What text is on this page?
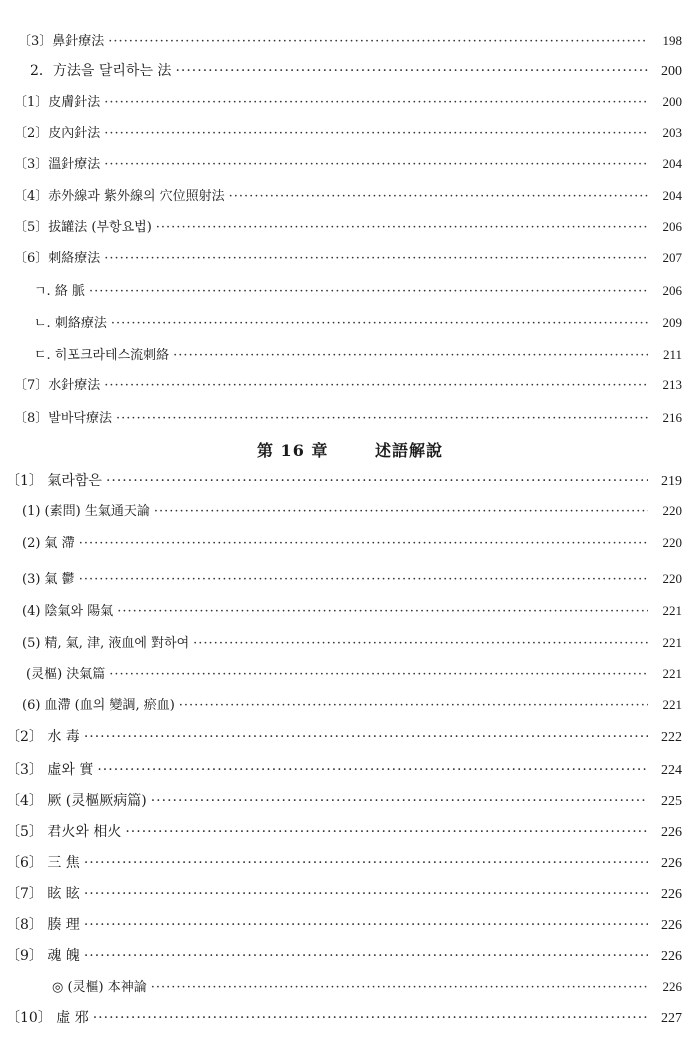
〔3〕鼻針療法 ·····	198
2．方法을 달리하는 法 ·····	200
〔1〕皮膚針法 ·····	200
〔2〕皮內針法 ·····	203
〔3〕溫針療法 ·····	204
〔4〕赤外線과 紫外線의 穴位照射法 ·····	204
〔5〕拔罐法 (부항요법) ·····	206
〔6〕刺絡療法 ·····	207
ㄱ. 絡 脈 ·····	206
ㄴ. 刺絡療法 ·····	209
ㄷ. 히포크라테스流刺絡 ·····	211
〔7〕水針療法 ·····	213
〔8〕발바닥療法 ·····	216
第 16 章	述語解說
〔1〕 氣라함은 ·····	219
(1) (素問) 生氣通天論 ·····	220
(2) 氣 滯 ·····	220
(3) 氣 鬱 ·····	220
(4) 陰氣와 陽氣 ·····	221
(5) 精, 氣, 津, 液血에 對하여 ·····	221
(灵樞) 決氣篇 ·····	221
(6) 血滯 (血의 變調, 瘀血) ·····	221
〔2〕 水 毒 ·····	222
〔3〕 虛와 實 ·····	224
〔4〕 厥 (灵樞厥病篇) ·····	225
〔5〕 君火와 相火 ·····	226
〔6〕 三 焦 ·····	226
〔7〕 眩 眩 ·····	226
〔8〕 腠 理 ·····	226
〔9〕 魂 魄 ·····	226
◎ (灵樞) 本神論 ·····	226
〔10〕 虛 邪 ·····	227
